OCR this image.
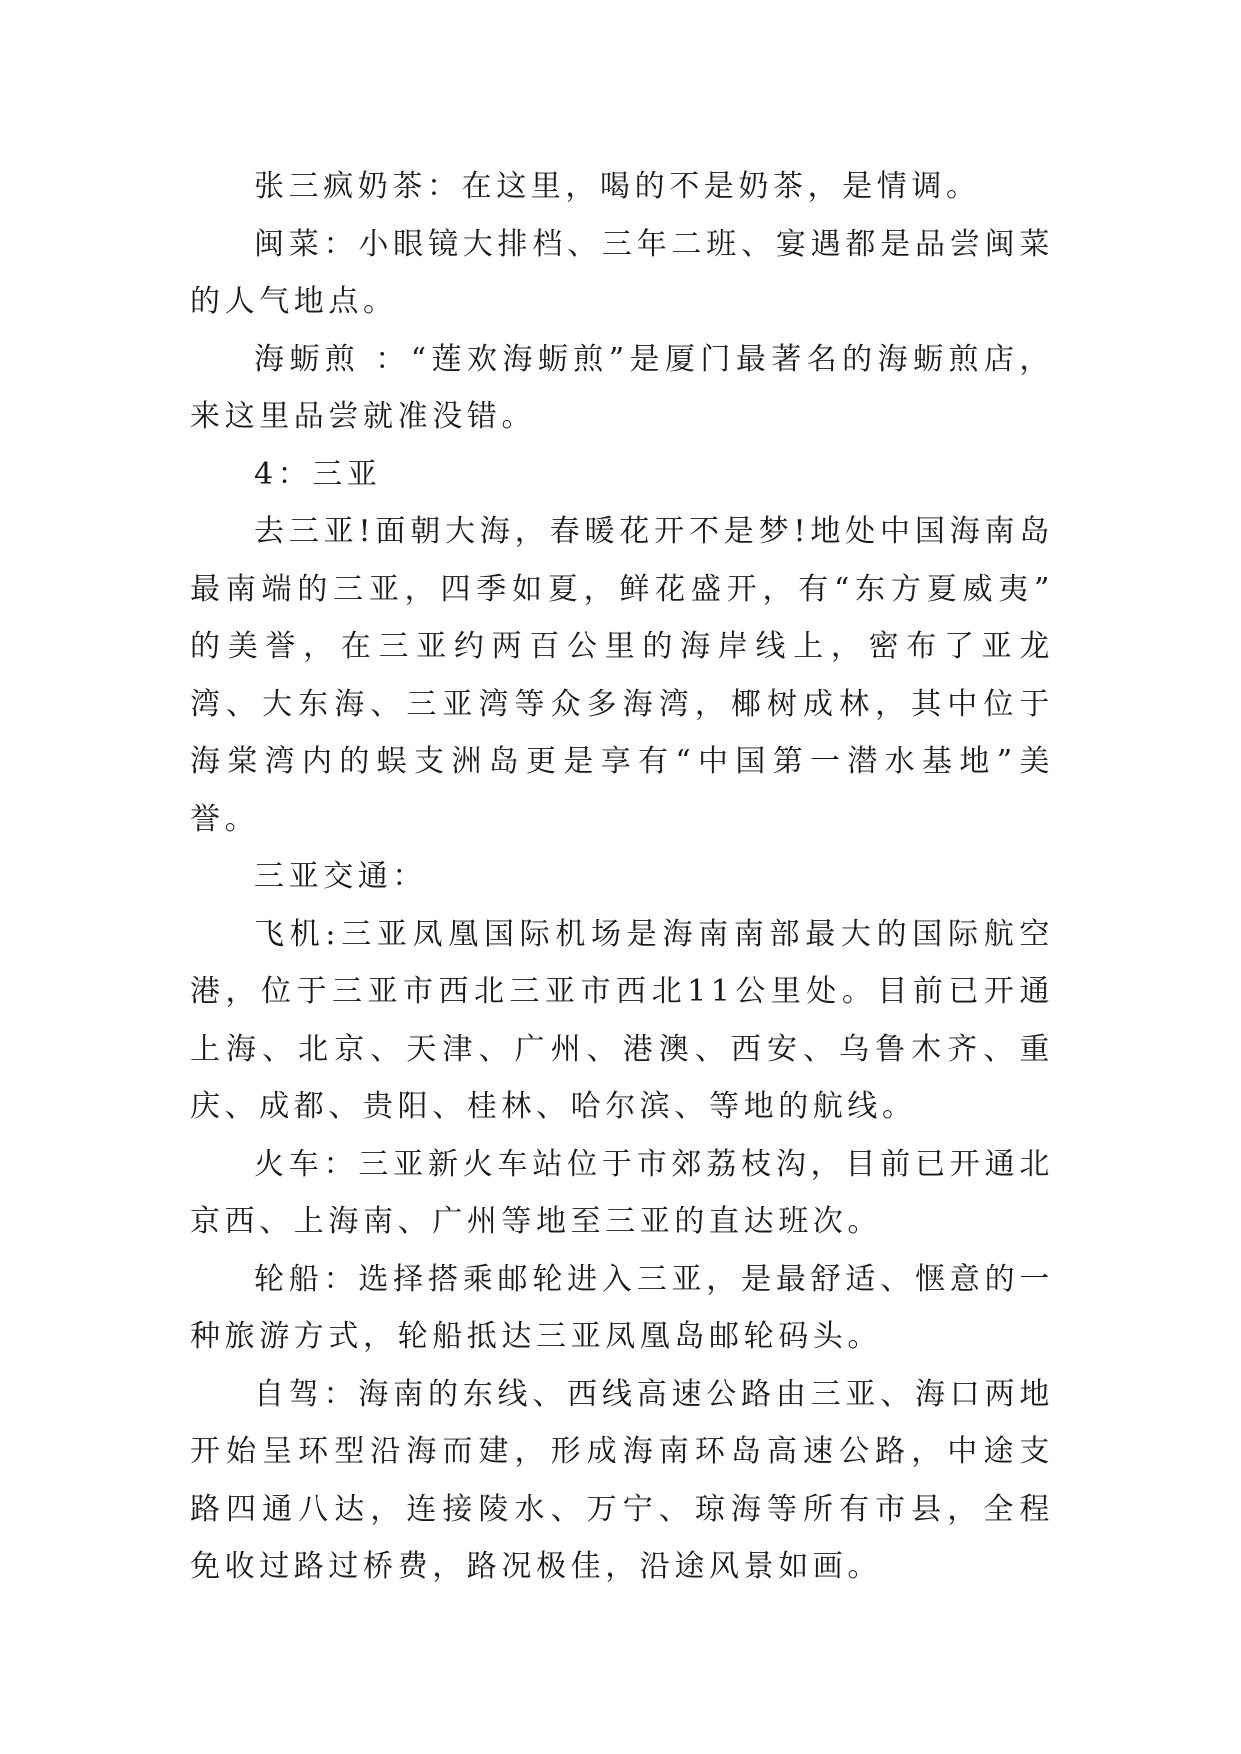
张三疯奶茶：在这里，喝的不是奶茶，是情调。

闽菜：小眼镜大排档、三年二班、宴遇都是品尝闽菜的人气地点。

海蛎煎 ：“莲欢海蛎煎”是厦门最著名的海蛎煎店，来这里品尝就准没错。

4：三亚

去三亚!面朝大海，春暖花开不是梦!地处中国海南岛最南端的三亚，四季如夏，鲜花盛开，有“东方夏威夷” 的美誉，在三亚约两百公里的海岸线上，密布了亚龙湾、大东海、三亚湾等众多海湾，椰树成林，其中位于海棠湾内的蜈支洲岛更是享有“中国第一潜水基地”美誉。

三亚交通：

飞机:三亚凤凰国际机场是海南南部最大的国际航空港，位于三亚市西北三亚市西北11公里处。目前已开通上海、北京、天津、广州、港澳、西安、乌鲁木齐、重庆、成都、贵阳、桂林、哈尔滨、等地的航线。

火车：三亚新火车站位于市郊荔枝沟，目前已开通北京西、上海南、广州等地至三亚的直达班次。

轮船：选择搭乘邮轮进入三亚，是最舒适、惬意的一种旅游方式，轮船抵达三亚凤凰岛邮轮码头。

自驾：海南的东线、西线高速公路由三亚、海口两地开始呈环型沿海而建，形成海南环岛高速公路，中途支路四通八达，连接陵水、万宁、琼海等所有市县，全程免收过路过桥费，路况极佳，沿途风景如画。
